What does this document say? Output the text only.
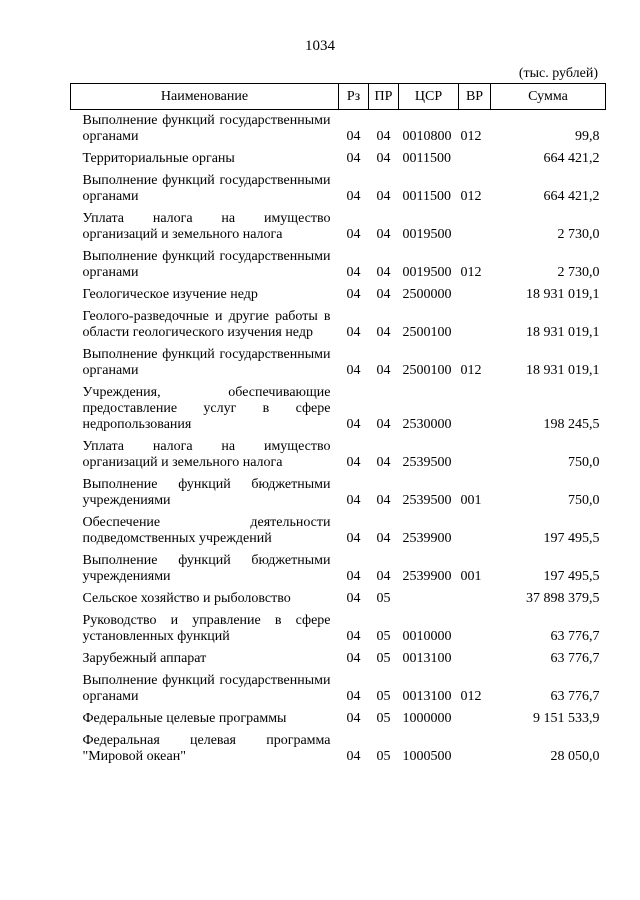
1034
(тыс. рублей)
Наименование	Рз	ПР	ЦСР	ВР	Сумма
Выполнение функций государственными органами	04	04	0010800	012	99,8
Территориальные органы	04	04	0011500		664 421,2
Выполнение функций государственными органами	04	04	0011500	012	664 421,2
Уплата налога на имущество организаций и земельного налога	04	04	0019500		2 730,0
Выполнение функций государственными органами	04	04	0019500	012	2 730,0
Геологическое изучение недр	04	04	2500000		18 931 019,1
Геолого-разведочные и другие работы в области геологического изучения недр	04	04	2500100		18 931 019,1
Выполнение функций государственными органами	04	04	2500100	012	18 931 019,1
Учреждения, обеспечивающие предоставление услуг в сфере недропользования	04	04	2530000		198 245,5
Уплата налога на имущество организаций и земельного налога	04	04	2539500		750,0
Выполнение функций бюджетными учреждениями	04	04	2539500	001	750,0
Обеспечение деятельности подведомственных учреждений	04	04	2539900		197 495,5
Выполнение функций бюджетными учреждениями	04	04	2539900	001	197 495,5
Сельское хозяйство и рыболовство	04	05			37 898 379,5
Руководство и управление в сфере установленных функций	04	05	0010000		63 776,7
Зарубежный аппарат	04	05	0013100		63 776,7
Выполнение функций государственными органами	04	05	0013100	012	63 776,7
Федеральные целевые программы	04	05	1000000		9 151 533,9
Федеральная целевая программа "Мировой океан"	04	05	1000500		28 050,0
